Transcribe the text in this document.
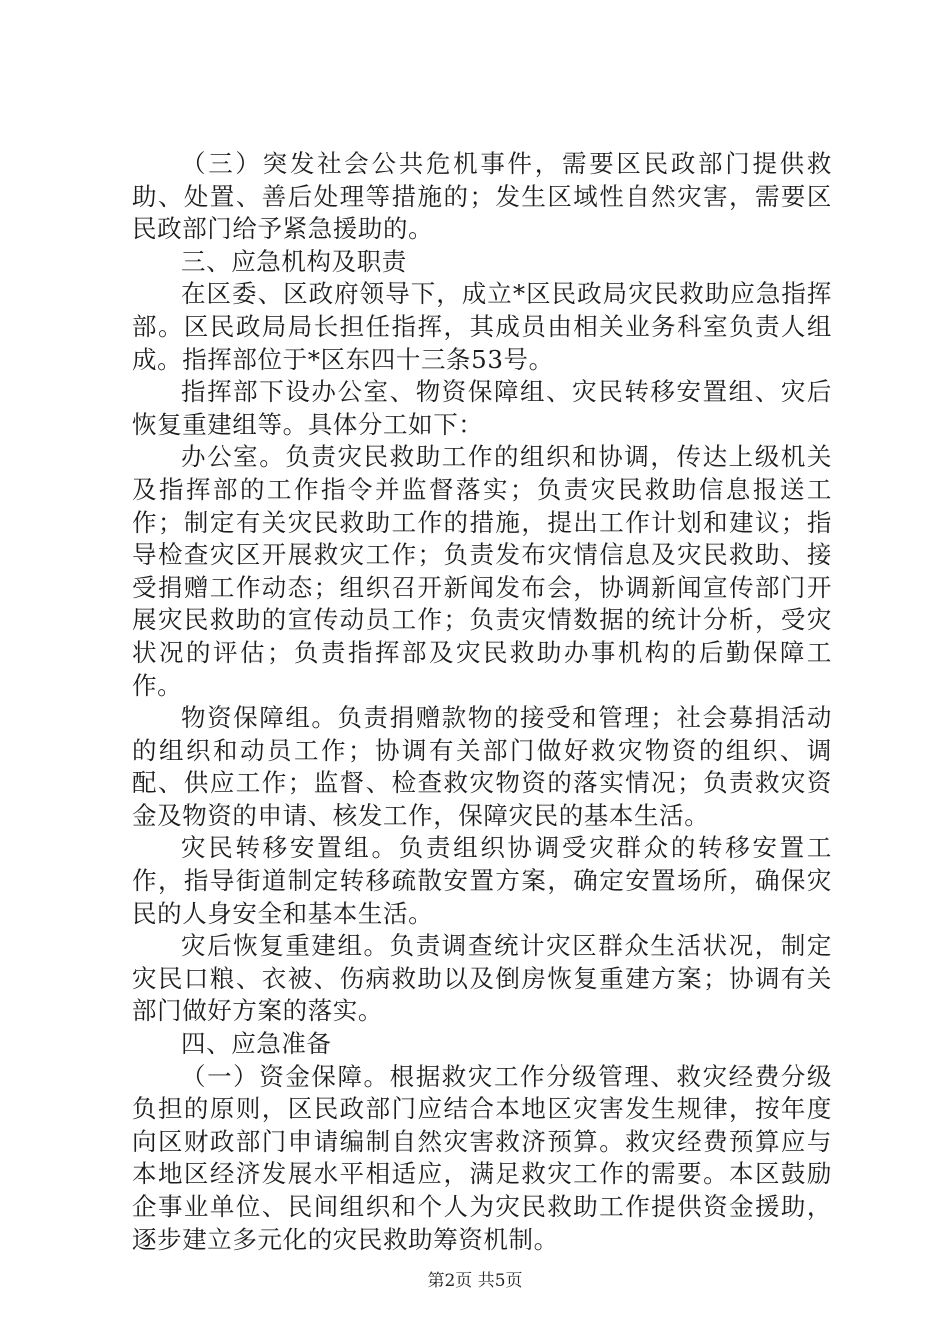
（三）突发社会公共危机事件，需要区民政部门提供救助、处置、善后处理等措施的；发生区域性自然灾害，需要区民政部门给予紧急援助的。

三、应急机构及职责

在区委、区政府领导下，成立*区民政局灾民救助应急指挥部。区民政局局长担任指挥，其成员由相关业务科室负责人组成。指挥部位于*区东四十三条53号。

指挥部下设办公室、物资保障组、灾民转移安置组、灾后恢复重建组等。具体分工如下：

办公室。负责灾民救助工作的组织和协调，传达上级机关及指挥部的工作指令并监督落实；负责灾民救助信息报送工作；制定有关灾民救助工作的措施，提出工作计划和建议；指导检查灾区开展救灾工作；负责发布灾情信息及灾民救助、接受捐赠工作动态；组织召开新闻发布会，协调新闻宣传部门开展灾民救助的宣传动员工作；负责灾情数据的统计分析，受灾状况的评估；负责指挥部及灾民救助办事机构的后勤保障工作。

物资保障组。负责捐赠款物的接受和管理；社会募捐活动的组织和动员工作；协调有关部门做好救灾物资的组织、调配、供应工作；监督、检查救灾物资的落实情况；负责救灾资金及物资的申请、核发工作，保障灾民的基本生活。

灾民转移安置组。负责组织协调受灾群众的转移安置工作，指导街道制定转移疏散安置方案，确定安置场所，确保灾民的人身安全和基本生活。

灾后恢复重建组。负责调查统计灾区群众生活状况，制定灾民口粮、衣被、伤病救助以及倒房恢复重建方案；协调有关部门做好方案的落实。

四、应急准备

（一）资金保障。根据救灾工作分级管理、救灾经费分级负担的原则，区民政部门应结合本地区灾害发生规律，按年度向区财政部门申请编制自然灾害救济预算。救灾经费预算应与本地区经济发展水平相适应，满足救灾工作的需要。本区鼓励企事业单位、民间组织和个人为灾民救助工作提供资金援助，逐步建立多元化的灾民救助筹资机制。

第2页 共5页
